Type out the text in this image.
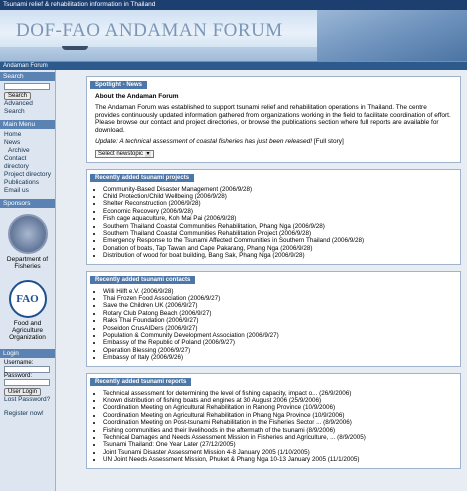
Tsunami relief & rehabilitation information in Thailand
DOF-FAO ANDAMAN FORUM
Andaman Forum
Search
Search
Advanced Search
Main Menu
Home
News
Archive
Contact directory
Project directory
Publications
Email us
Sponsors
Department of Fisheries
FAO
Food and Agriculture Organization
Login
Username:
Password:
User Login
Lost Password?
Register now!
Spotlight - News
About the Andaman Forum

The Andaman Forum was established to support tsunami relief and rehabilitation operations in Thailand. The centre provides continuously updated information gathered from organizations working in the field to facilitate coordination of effort. Please browse our contact and project directories, or browse the publications section where full reports are available for download.

Update: A technical assessment of coastal fisheries has just been released! [Full story]

Select newstopic ▾
Recently added tsunami projects
• Community-Based Disaster Management (2006/9/28)
• Child Protection/Child Wellbeing (2006/9/28)
• Shelter Reconstruction (2006/9/28)
• Economic Recovery (2006/9/28)
• Fish cage aquaculture, Koh Mai Pai (2006/9/28)
• Southern Thailand Coastal Communities Rehabilitation, Phang Nga (2006/9/28)
• Southern Thailand Coastal Communities Rehabilitation Project (2006/9/28)
• Emergency Response to the Tsunami Affected Communities in Southern Thailand (2006/9/28)
• Donation of boats, Tap Tawan and Cape Pakarang, Phang Nga (2006/9/28)
• Distribution of wood for boat building, Bang Sak, Phang Nga (2006/9/28)
Recently added tsunami contacts
• Willi Hilft e.V. (2006/9/28)
• Thai Frozen Food Association (2006/9/27)
• Save the Children UK (2006/9/27)
• Rotary Club Patong Beach (2006/9/27)
• Raks Thai Foundation (2006/9/27)
• Poseidon CrusAIDers (2006/9/27)
• Population & Community Development Association (2006/9/27)
• Embassy of the Republic of Poland (2006/9/27)
• Operation Blessing (2006/9/27)
• Embassy of Italy (2006/9/26)
Recently added tsunami reports
• Technical assessment for determining the level of fishing capacity, impact o... (26/9/2006)
• Known distribution of fishing boats and engines at 30 August 2006 (25/9/2006)
• Coordination Meeting on Agricultural Rehabilitation in Ranong Province (10/9/2006)
• Coordination Meeting on Agricultural Rehabilitation in Phang Nga Province (10/9/2006)
• Coordination Meeting on Post-tsunami Rehabilitation in the Fisheries Sector ... (8/9/2006)
• Fishing communities and their livelihoods in the aftermath of the tsunami (8/9/2006)
• Technical Damages and Needs Assessment Mission in Fisheries and Agriculture, ... (8/9/2005)
• Tsunami Thailand: One Year Later (27/12/2005)
• Joint Tsunami Disaster Assessment Mission 4-8 January 2005 (1/10/2005)
• UN Joint Needs Assessment Mission, Phuket & Phang Nga 10-13 January 2005 (11/1/2005)
